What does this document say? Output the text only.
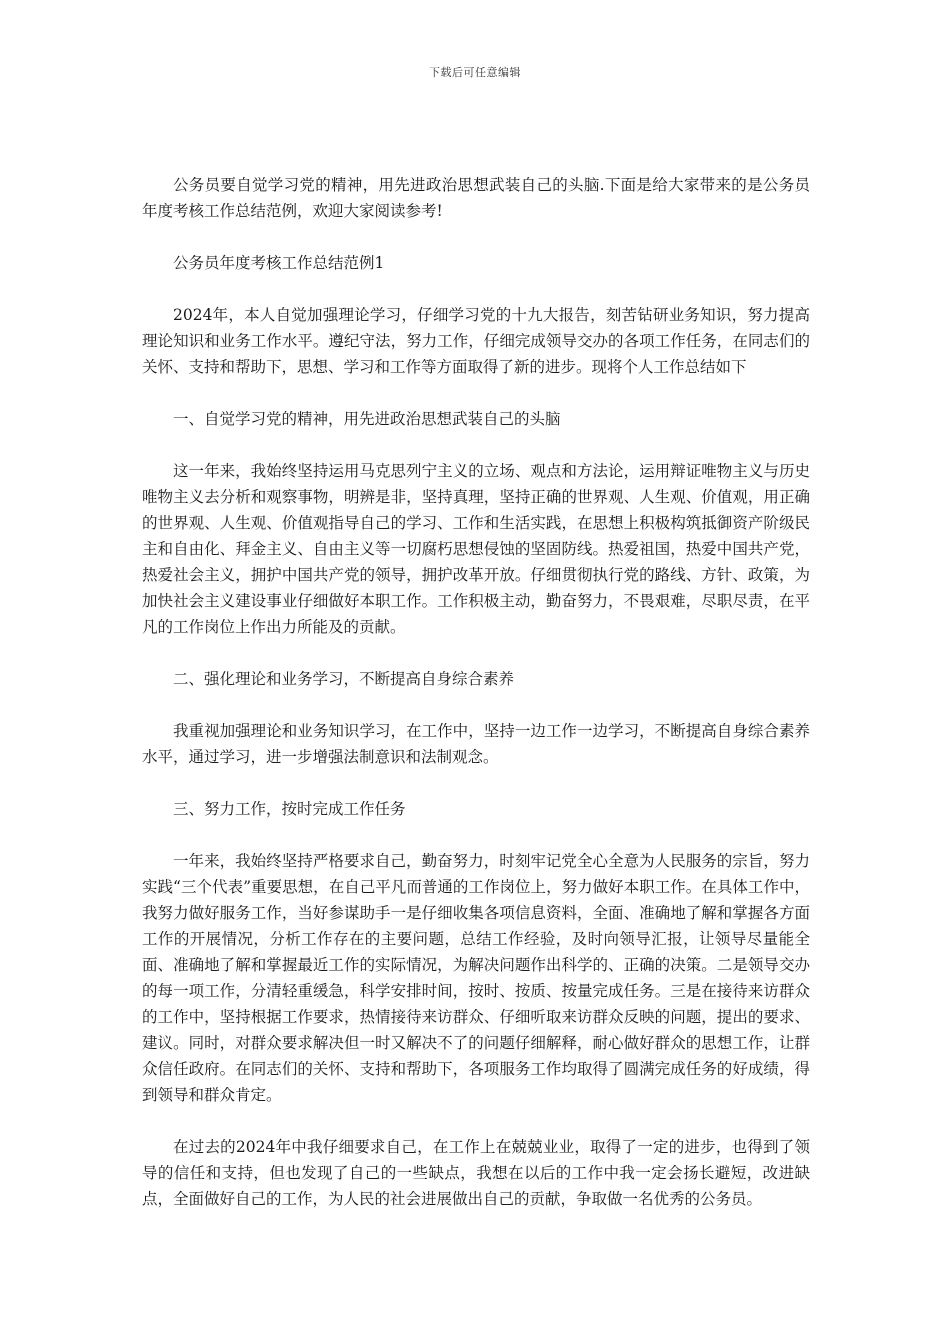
下载后可任意编辑

公务员要自觉学习党的精神，用先进政治思想武装自己的头脑.下面是给大家带来的是公务员年度考核工作总结范例，欢迎大家阅读参考!

公务员年度考核工作总结范例1

2024年，本人自觉加强理论学习，仔细学习党的十九大报告，刻苦钻研业务知识，努力提高理论知识和业务工作水平。遵纪守法，努力工作，仔细完成领导交办的各项工作任务，在同志们的关怀、支持和帮助下，思想、学习和工作等方面取得了新的进步。现将个人工作总结如下

一、自觉学习党的精神，用先进政治思想武装自己的头脑

这一年来，我始终坚持运用马克思列宁主义的立场、观点和方法论，运用辩证唯物主义与历史唯物主义去分析和观察事物，明辨是非，坚持真理，坚持正确的世界观、人生观、价值观，用正确的世界观、人生观、价值观指导自己的学习、工作和生活实践，在思想上积极构筑抵御资产阶级民主和自由化、拜金主义、自由主义等一切腐朽思想侵蚀的坚固防线。热爱祖国，热爱中国共产党，热爱社会主义，拥护中国共产党的领导，拥护改革开放。仔细贯彻执行党的路线、方针、政策，为加快社会主义建设事业仔细做好本职工作。工作积极主动，勤奋努力，不畏艰难，尽职尽责，在平凡的工作岗位上作出力所能及的贡献。

二、强化理论和业务学习，不断提高自身综合素养

我重视加强理论和业务知识学习，在工作中，坚持一边工作一边学习，不断提高自身综合素养水平，通过学习，进一步增强法制意识和法制观念。

三、努力工作，按时完成工作任务

一年来，我始终坚持严格要求自己，勤奋努力，时刻牢记党全心全意为人民服务的宗旨，努力实践“三个代表”重要思想，在自己平凡而普通的工作岗位上，努力做好本职工作。在具体工作中，我努力做好服务工作，当好参谋助手一是仔细收集各项信息资料，全面、准确地了解和掌握各方面工作的开展情况，分析工作存在的主要问题，总结工作经验，及时向领导汇报，让领导尽量能全面、准确地了解和掌握最近工作的实际情况，为解决问题作出科学的、正确的决策。二是领导交办的每一项工作，分清轻重缓急，科学安排时间，按时、按质、按量完成任务。三是在接待来访群众的工作中，坚持根据工作要求，热情接待来访群众、仔细听取来访群众反映的问题，提出的要求、建议。同时，对群众要求解决但一时又解决不了的问题仔细解释，耐心做好群众的思想工作，让群众信任政府。在同志们的关怀、支持和帮助下，各项服务工作均取得了圆满完成任务的好成绩，得到领导和群众肯定。

在过去的2024年中我仔细要求自己，在工作上在兢兢业业，取得了一定的进步，也得到了领导的信任和支持，但也发现了自己的一些缺点，我想在以后的工作中我一定会扬长避短，改进缺点，全面做好自己的工作，为人民的社会进展做出自己的贡献，争取做一名优秀的公务员。
